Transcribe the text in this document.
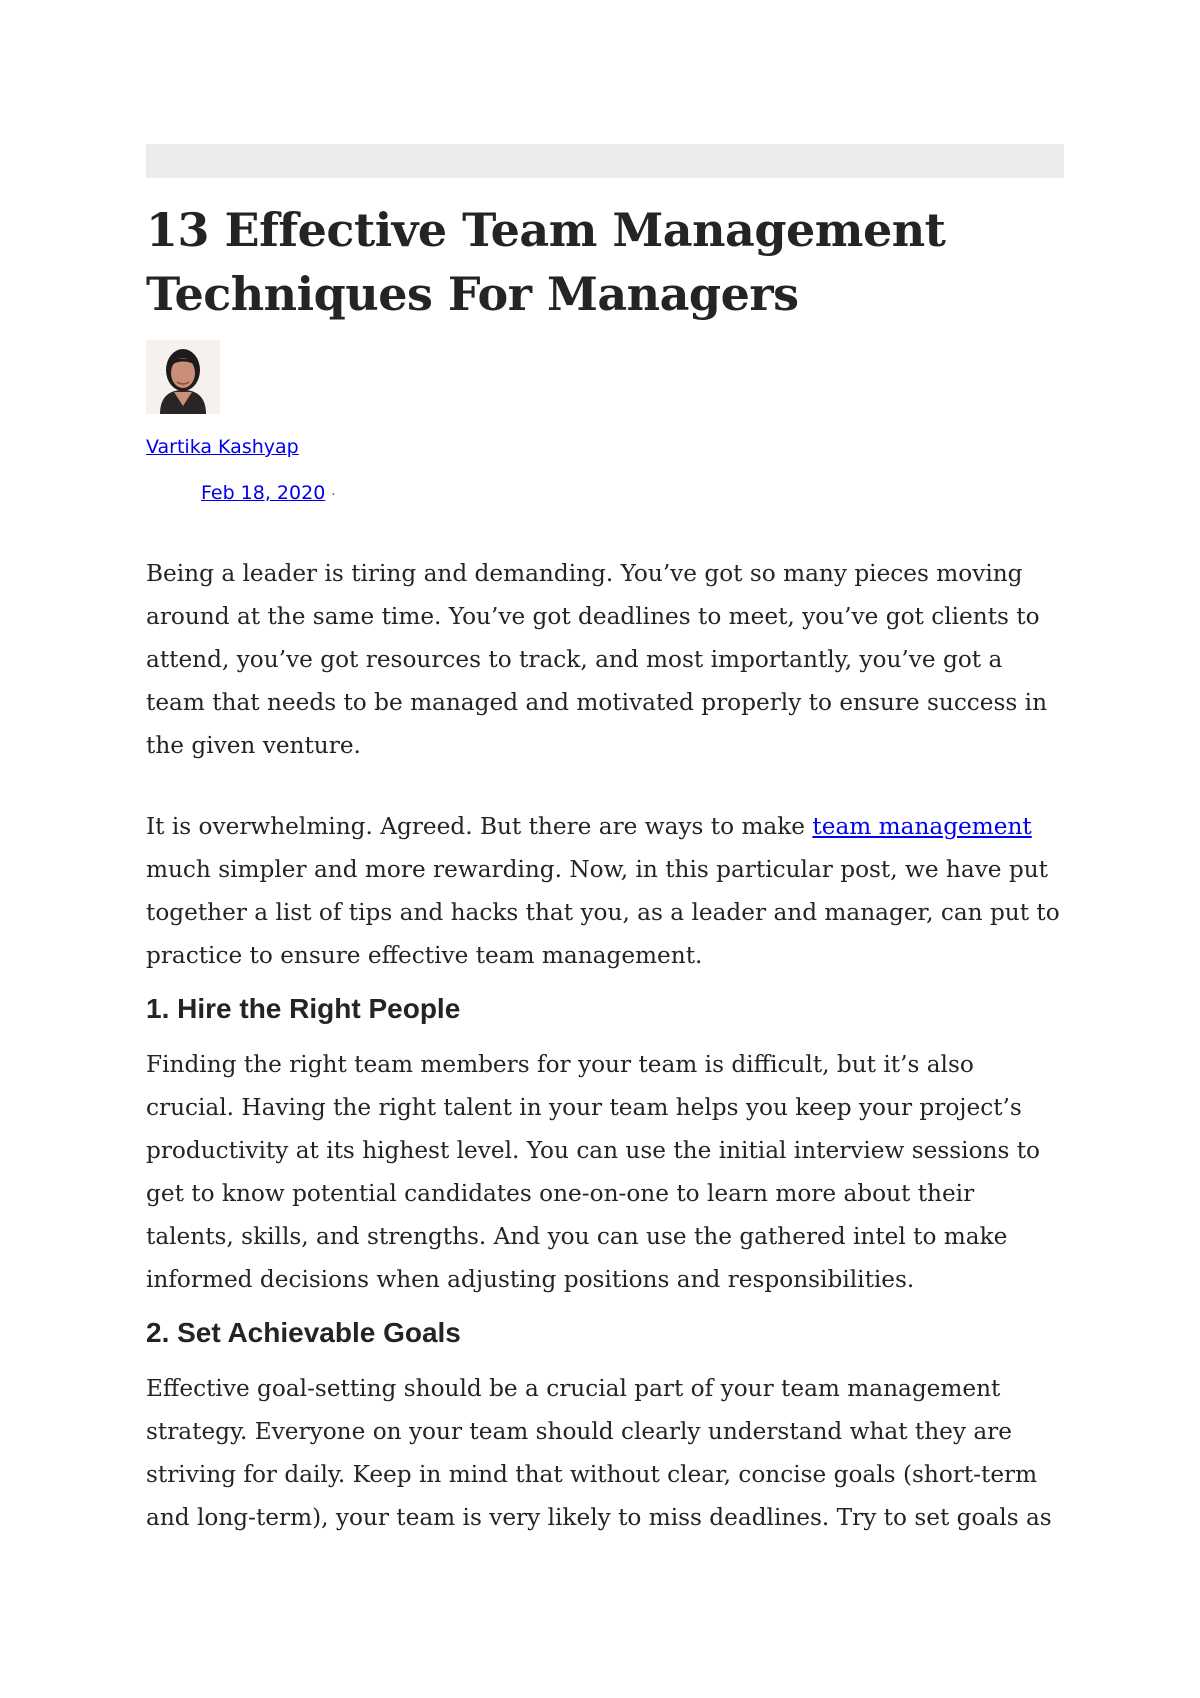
13 Effective Team Management Techniques For Managers
Vartika Kashyap
Feb 18, 2020 ·

Being a leader is tiring and demanding. You’ve got so many pieces moving around at the same time. You’ve got deadlines to meet, you’ve got clients to attend, you’ve got resources to track, and most importantly, you’ve got a team that needs to be managed and motivated properly to ensure success in the given venture.

It is overwhelming. Agreed. But there are ways to make team management much simpler and more rewarding. Now, in this particular post, we have put together a list of tips and hacks that you, as a leader and manager, can put to practice to ensure effective team management.

1. Hire the Right People

Finding the right team members for your team is difficult, but it’s also crucial. Having the right talent in your team helps you keep your project’s productivity at its highest level. You can use the initial interview sessions to get to know potential candidates one-on-one to learn more about their talents, skills, and strengths. And you can use the gathered intel to make informed decisions when adjusting positions and responsibilities.

2. Set Achievable Goals

Effective goal-setting should be a crucial part of your team management strategy. Everyone on your team should clearly understand what they are striving for daily. Keep in mind that without clear, concise goals (short-term and long-term), your team is very likely to miss deadlines. Try to set goals as
